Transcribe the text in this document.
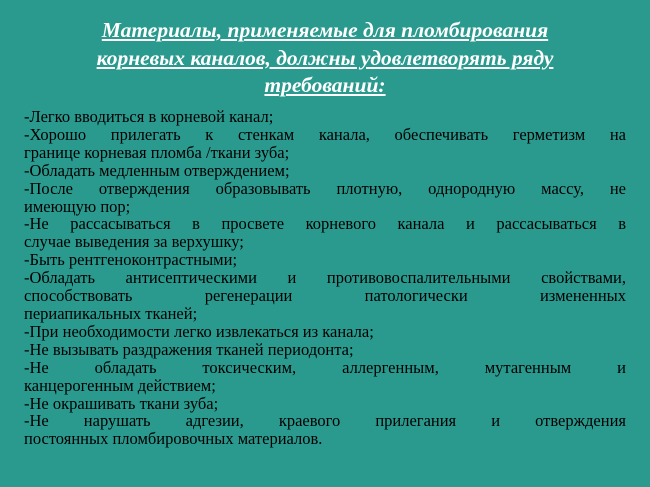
Материалы, применяемые для пломбирования
корневых каналов, должны удовлетворять ряду
требований:
-Легко вводиться в корневой канал;
-Хорошо прилегать к стенкам канала, обеспечивать герметизм на
границе корневая пломба /ткани зуба;
-Обладать медленным отверждением;
-После отверждения образовывать плотную, однородную массу, не
имеющую пор;
-Не рассасываться в просвете корневого канала и рассасываться в
случае выведения за верхушку;
-Быть рентгеноконтрастными;
-Обладать антисептическими и противовоспалительными свойствами,
способствовать регенерации патологически измененных
периапикальных тканей;
-При необходимости легко извлекаться из канала;
-Не вызывать раздражения тканей периодонта;
-Не обладать токсическим, аллергенным, мутагенным и
канцерогенным действием;
-Не окрашивать ткани зуба;
-Не нарушать адгезии, краевого прилегания и отверждения
постоянных пломбировочных материалов.
